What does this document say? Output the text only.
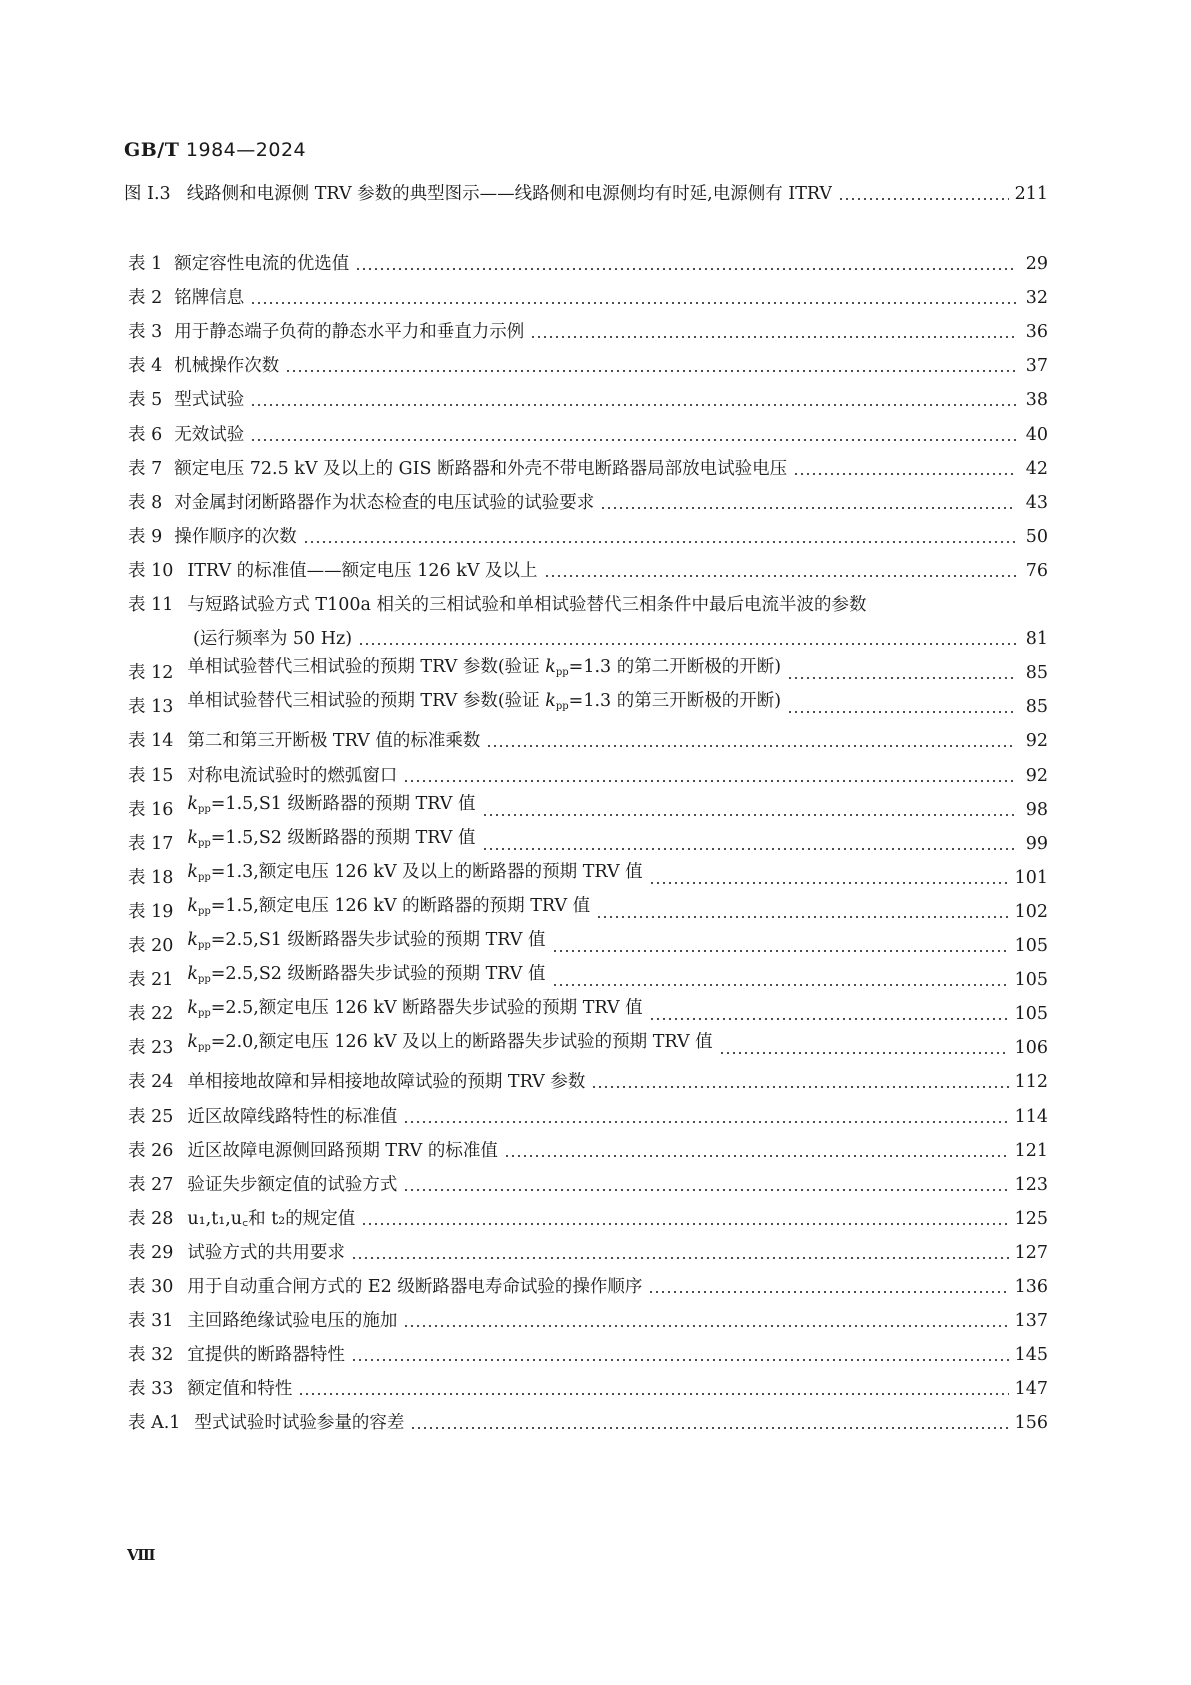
GB/T 1984—2024
图 I.3 线路侧和电源侧 TRV 参数的典型图示——线路侧和电源侧均有时延,电源侧有 ITRV	211
表 1 额定容性电流的优选值	29
表 2 铭牌信息	32
表 3 用于静态端子负荷的静态水平力和垂直力示例	36
表 4 机械操作次数	37
表 5 型式试验	38
表 6 无效试验	40
表 7 额定电压 72.5 kV 及以上的 GIS 断路器和外壳不带电断路器局部放电试验电压	42
表 8 对金属封闭断路器作为状态检查的电压试验的试验要求	43
表 9 操作顺序的次数	50
表 10 ITRV 的标准值——额定电压 126 kV 及以上	76
表 11 与短路试验方式 T100a 相关的三相试验和单相试验替代三相条件中最后电流半波的参数
(运行频率为 50 Hz)	81
表 12 单相试验替代三相试验的预期 TRV 参数(验证 $k_{pp}=1.3$ 的第二开断极的开断)	85
表 13 单相试验替代三相试验的预期 TRV 参数(验证 $k_{pp}=1.3$ 的第三开断极的开断)	85
表 14 第二和第三开断极 TRV 值的标准乘数	92
表 15 对称电流试验时的燃弧窗口	92
表 16 $k_{pp}=1.5,S1$ 级断路器的预期 TRV 值	98
表 17 $k_{pp}=1.5,S2$ 级断路器的预期 TRV 值	99
表 18 $k_{pp}=1.3$,额定电压 126 kV 及以上的断路器的预期 TRV 值	101
表 19 $k_{pp}=1.5$,额定电压 126 kV 的断路器的预期 TRV 值	102
表 20 $k_{pp}=2.5,S1$ 级断路器失步试验的预期 TRV 值	105
表 21 $k_{pp}=2.5,S2$ 级断路器失步试验的预期 TRV 值	105
表 22 $k_{pp}=2.5$,额定电压 126 kV 断路器失步试验的预期 TRV 值	105
表 23 $k_{pp}=2.0$,额定电压 126 kV 及以上的断路器失步试验的预期 TRV 值	106
表 24 单相接地故障和异相接地故障试验的预期 TRV 参数	112
表 25 近区故障线路特性的标准值	114
表 26 近区故障电源侧回路预期 TRV 的标准值	121
表 27 验证失步额定值的试验方式	123
表 28 u₁,t₁,u꜀和 t₂的规定值	125
表 29 试验方式的共用要求	127
表 30 用于自动重合闸方式的 E2 级断路器电寿命试验的操作顺序	136
表 31 主回路绝缘试验电压的施加	137
表 32 宜提供的断路器特性	145
表 33 额定值和特性	147
表 A.1 型式试验时试验参量的容差	156
Ⅷ
